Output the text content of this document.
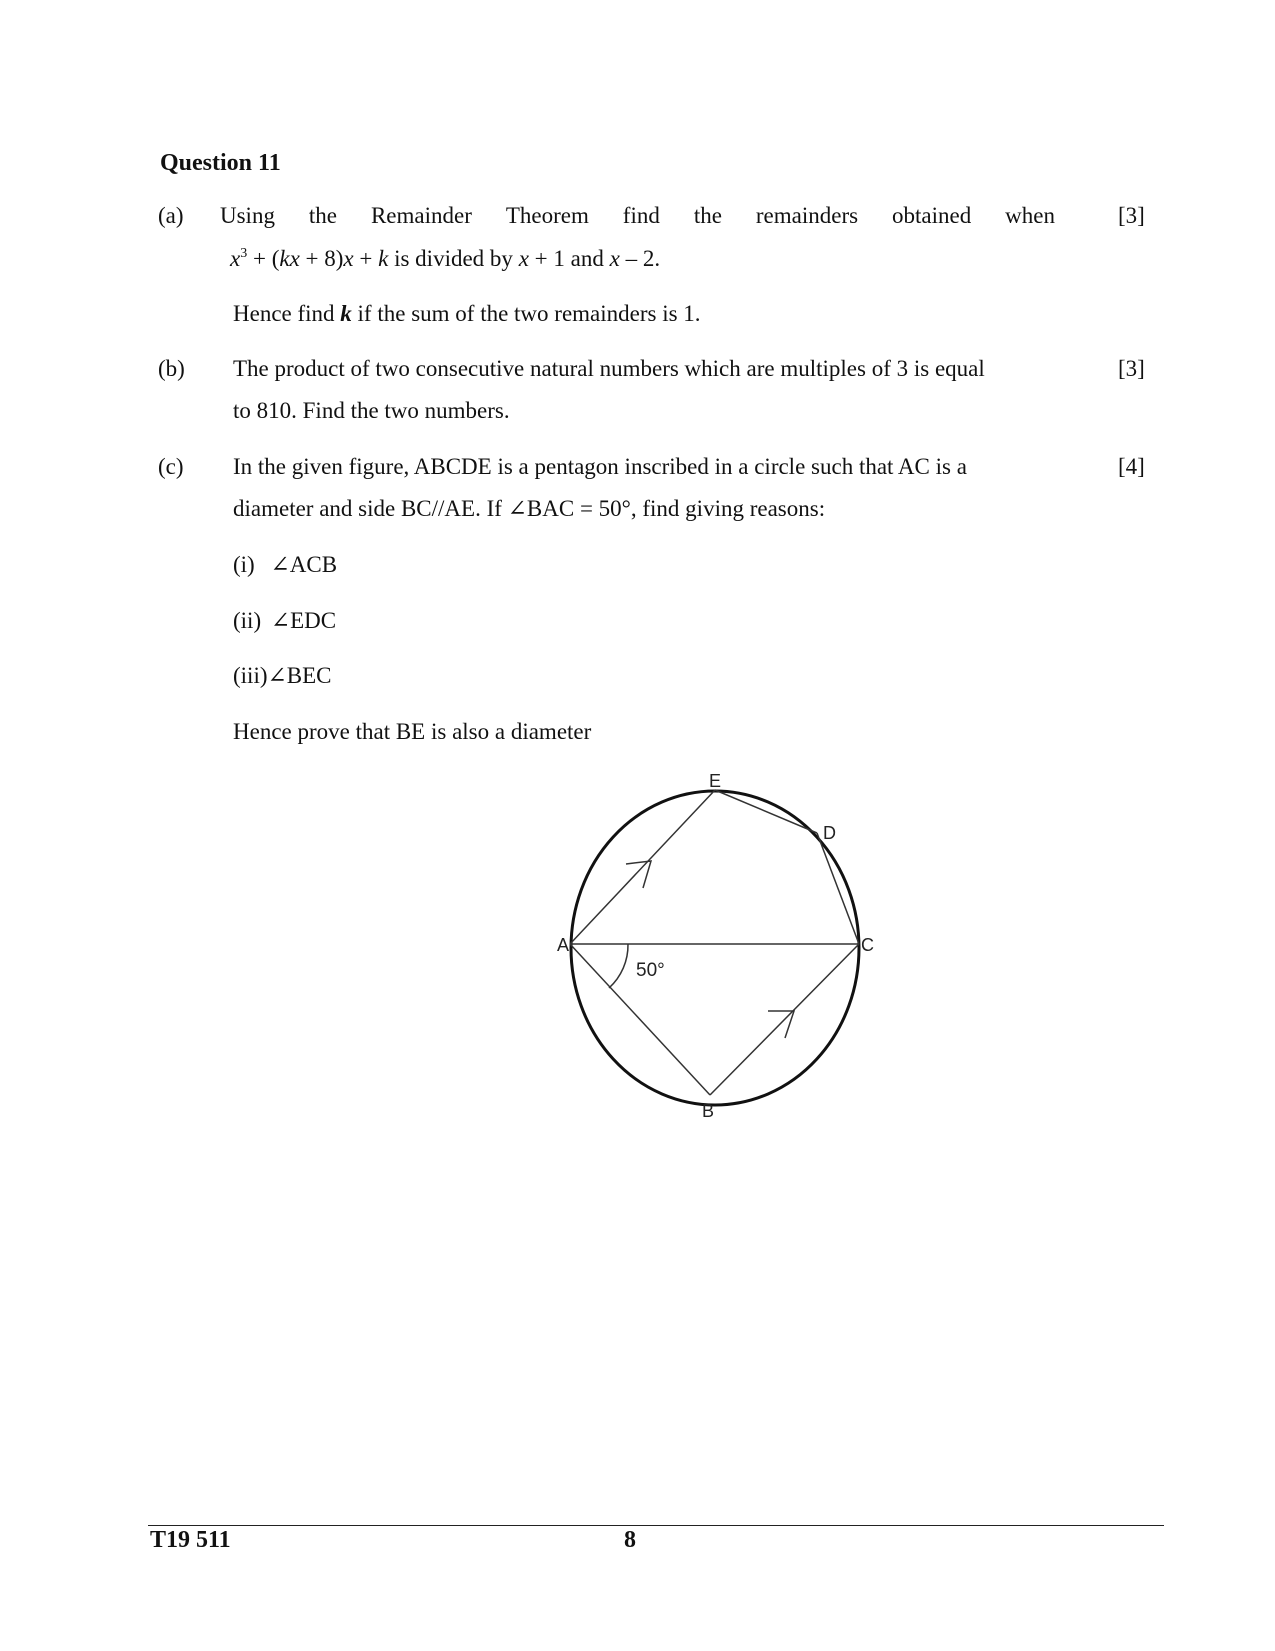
Question 11
(a) Using the Remainder Theorem find the remainders obtained when	[3]
$x^3 + (kx + 8)x + k$ is divided by x + 1 and x – 2.
Hence find k if the sum of the two remainders is 1.
(b) The product of two consecutive natural numbers which are multiples of 3 is equal	[3]
to 810. Find the two numbers.
(c) In the given figure, ABCDE is a pentagon inscribed in a circle such that AC is a	[4]
diameter and side BC//AE. If ∠BAC = 50°, find giving reasons:
(i) ∠ACB
(ii) ∠EDC
(iii)∠BEC
Hence prove that BE is also a diameter
E
D
A	C
B
50°
T19 511	8
